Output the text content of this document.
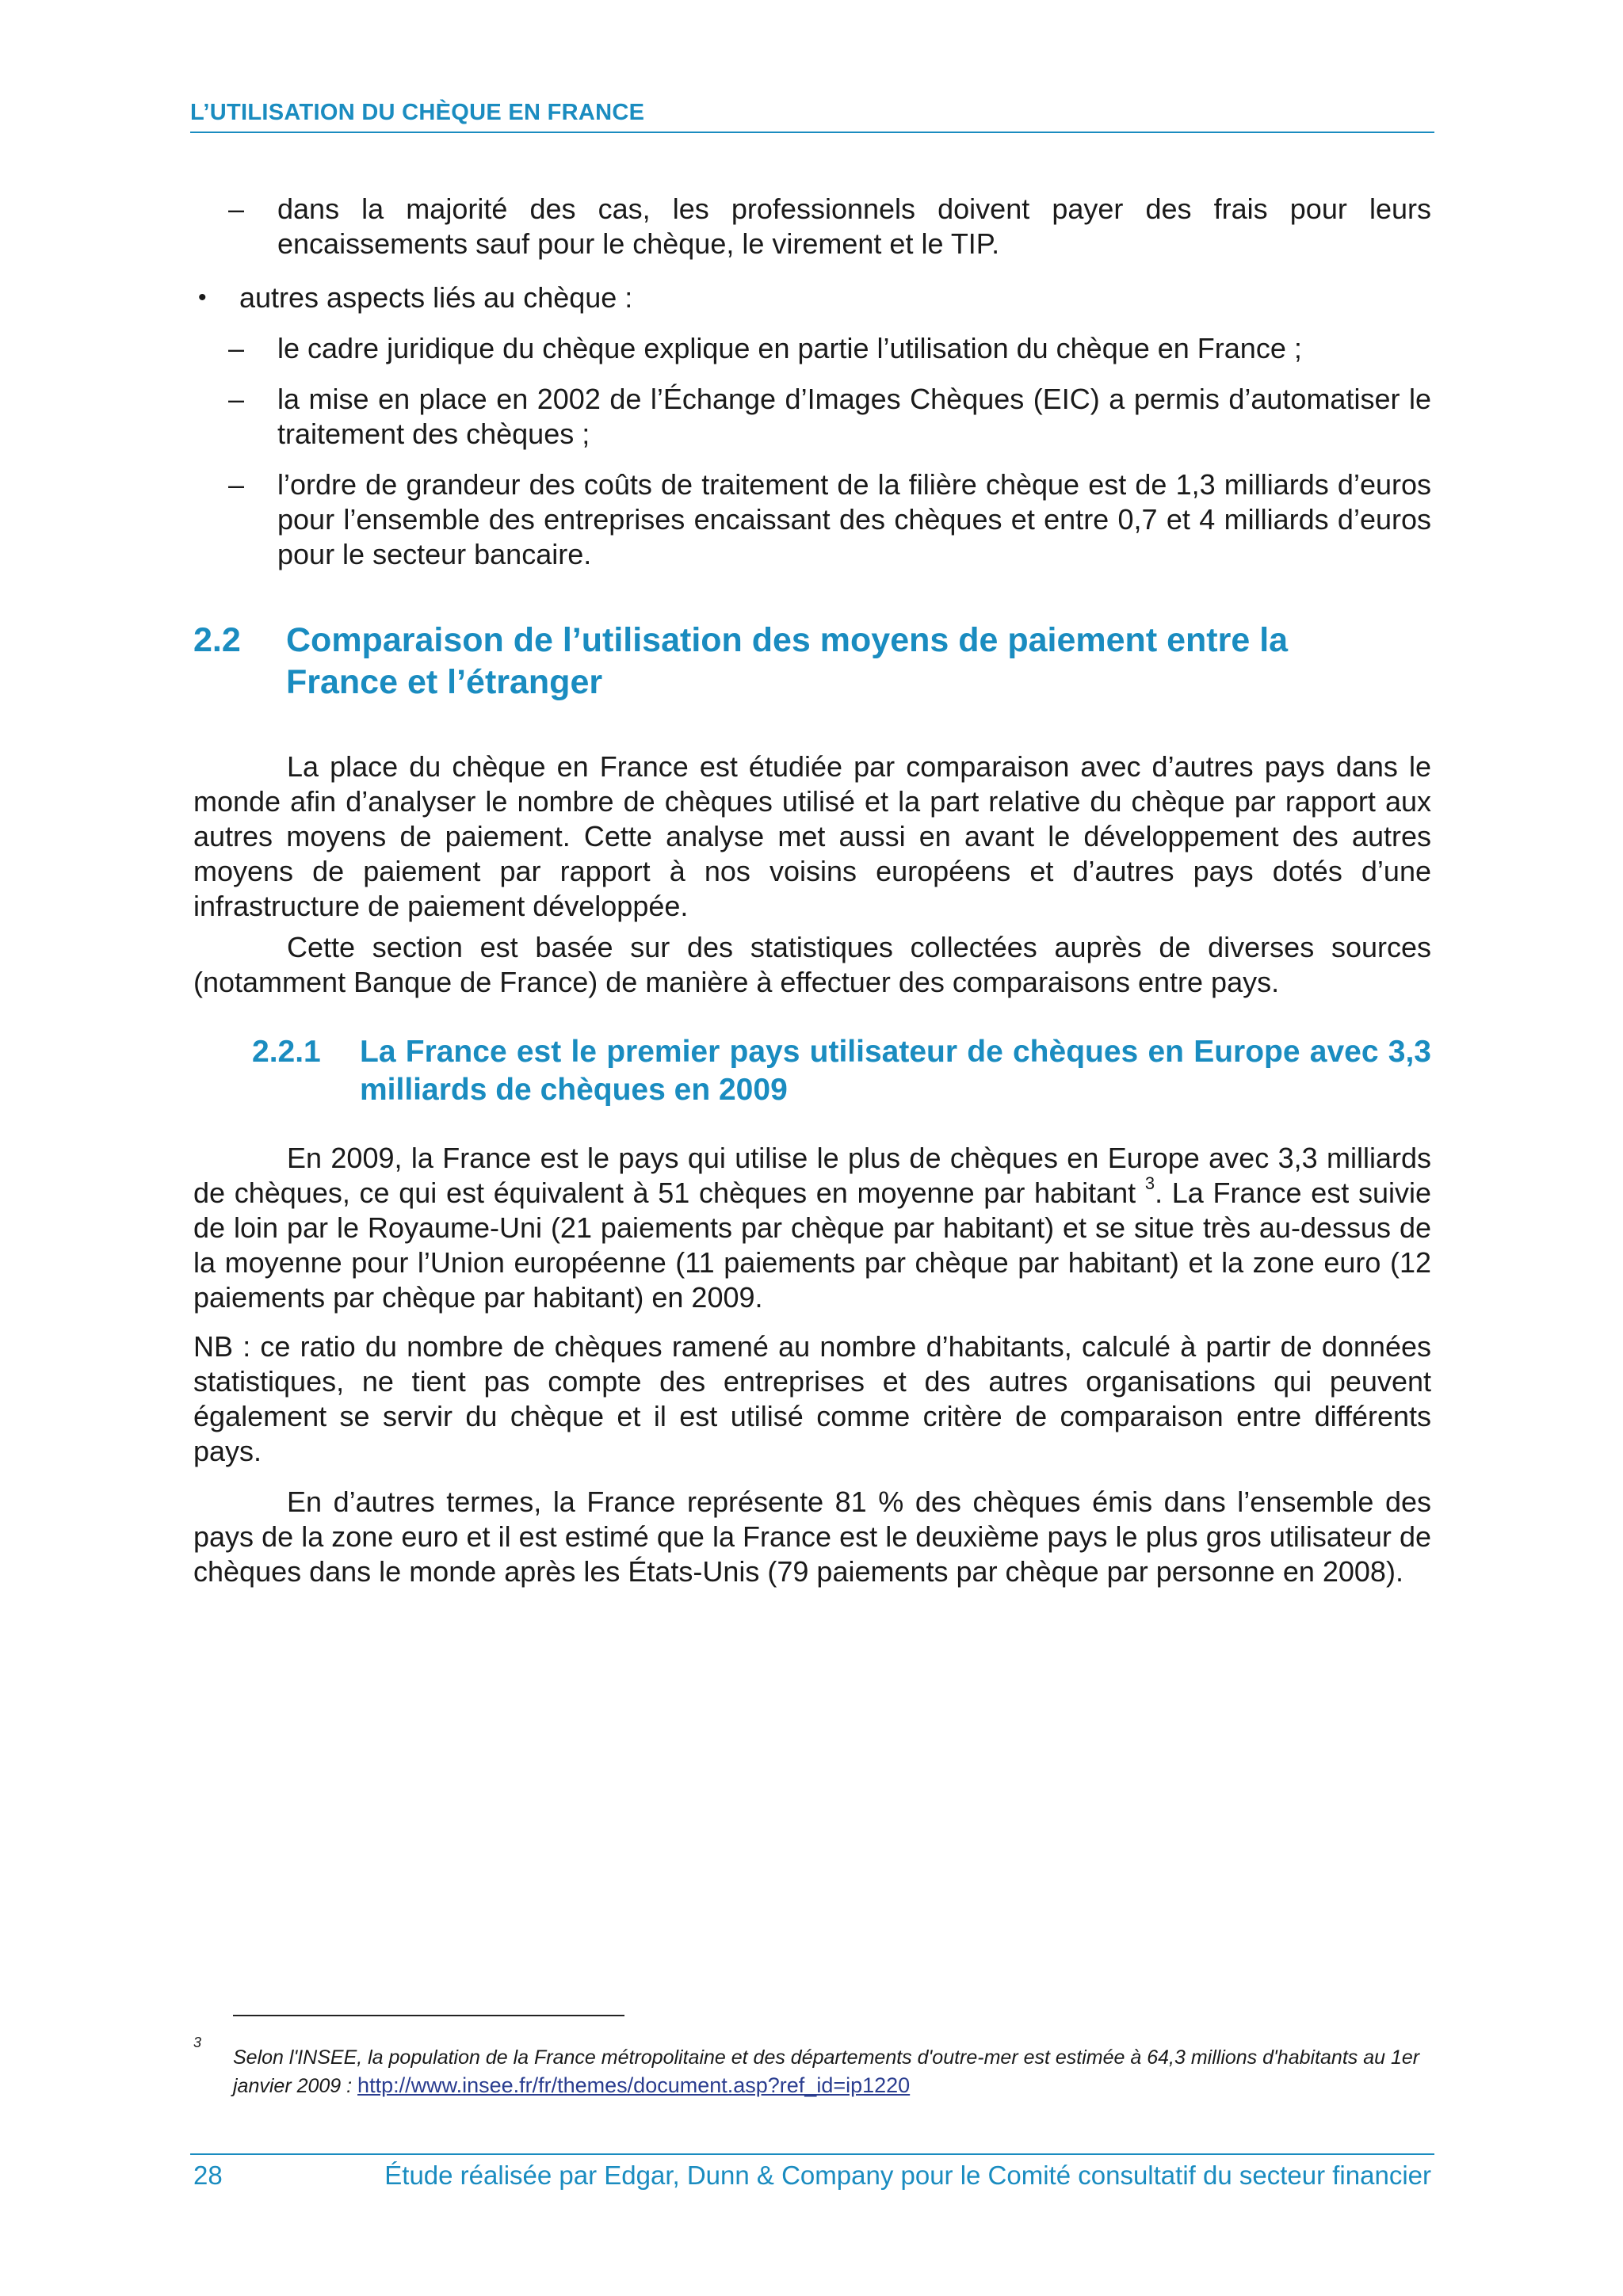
L’UTILISATION DU CHÈQUE EN FRANCE
– dans la majorité des cas, les professionnels doivent payer des frais pour leurs encaissements sauf pour le chèque, le virement et le TIP.
• autres aspects liés au chèque :
– le cadre juridique du chèque explique en partie l’utilisation du chèque en France ;
– la mise en place en 2002 de l’Échange d’Images Chèques (EIC) a permis d’automatiser le traitement des chèques ;
– l’ordre de grandeur des coûts de traitement de la filière chèque est de 1,3 milliards d’euros pour l’ensemble des entreprises encaissant des chèques et entre 0,7 et 4 milliards d’euros pour le secteur bancaire.
2.2 Comparaison de l’utilisation des moyens de paiement entre la France et l’étranger
La place du chèque en France est étudiée par comparaison avec d’autres pays dans le monde afin d’analyser le nombre de chèques utilisé et la part relative du chèque par rapport aux autres moyens de paiement. Cette analyse met aussi en avant le développement des autres moyens de paiement par rapport à nos voisins européens et d’autres pays dotés d’une infrastructure de paiement développée.
Cette section est basée sur des statistiques collectées auprès de diverses sources (notamment Banque de France) de manière à effectuer des comparaisons entre pays.
2.2.1 La France est le premier pays utilisateur de chèques en Europe avec 3,3 milliards de chèques en 2009
En 2009, la France est le pays qui utilise le plus de chèques en Europe avec 3,3 milliards de chèques, ce qui est équivalent à 51 chèques en moyenne par habitant $^3$. La France est suivie de loin par le Royaume-Uni (21 paiements par chèque par habitant) et se situe très au-dessus de la moyenne pour l’Union européenne (11 paiements par chèque par habitant) et la zone euro (12 paiements par chèque par habitant) en 2009.
NB : ce ratio du nombre de chèques ramené au nombre d’habitants, calculé à partir de données statistiques, ne tient pas compte des entreprises et des autres organisations qui peuvent également se servir du chèque et il est utilisé comme critère de comparaison entre différents pays.
En d’autres termes, la France représente 81 % des chèques émis dans l’ensemble des pays de la zone euro et il est estimé que la France est le deuxième pays le plus gros utilisateur de chèques dans le monde après les États-Unis (79 paiements par chèque par personne en 2008).
3
Selon l'INSEE, la population de la France métropolitaine et des départements d'outre-mer est estimée à 64,3 millions d'habitants au 1er janvier 2009 : http://www.insee.fr/fr/themes/document.asp?ref_id=ip1220
28	Étude réalisée par Edgar, Dunn & Company pour le Comité consultatif du secteur financier
